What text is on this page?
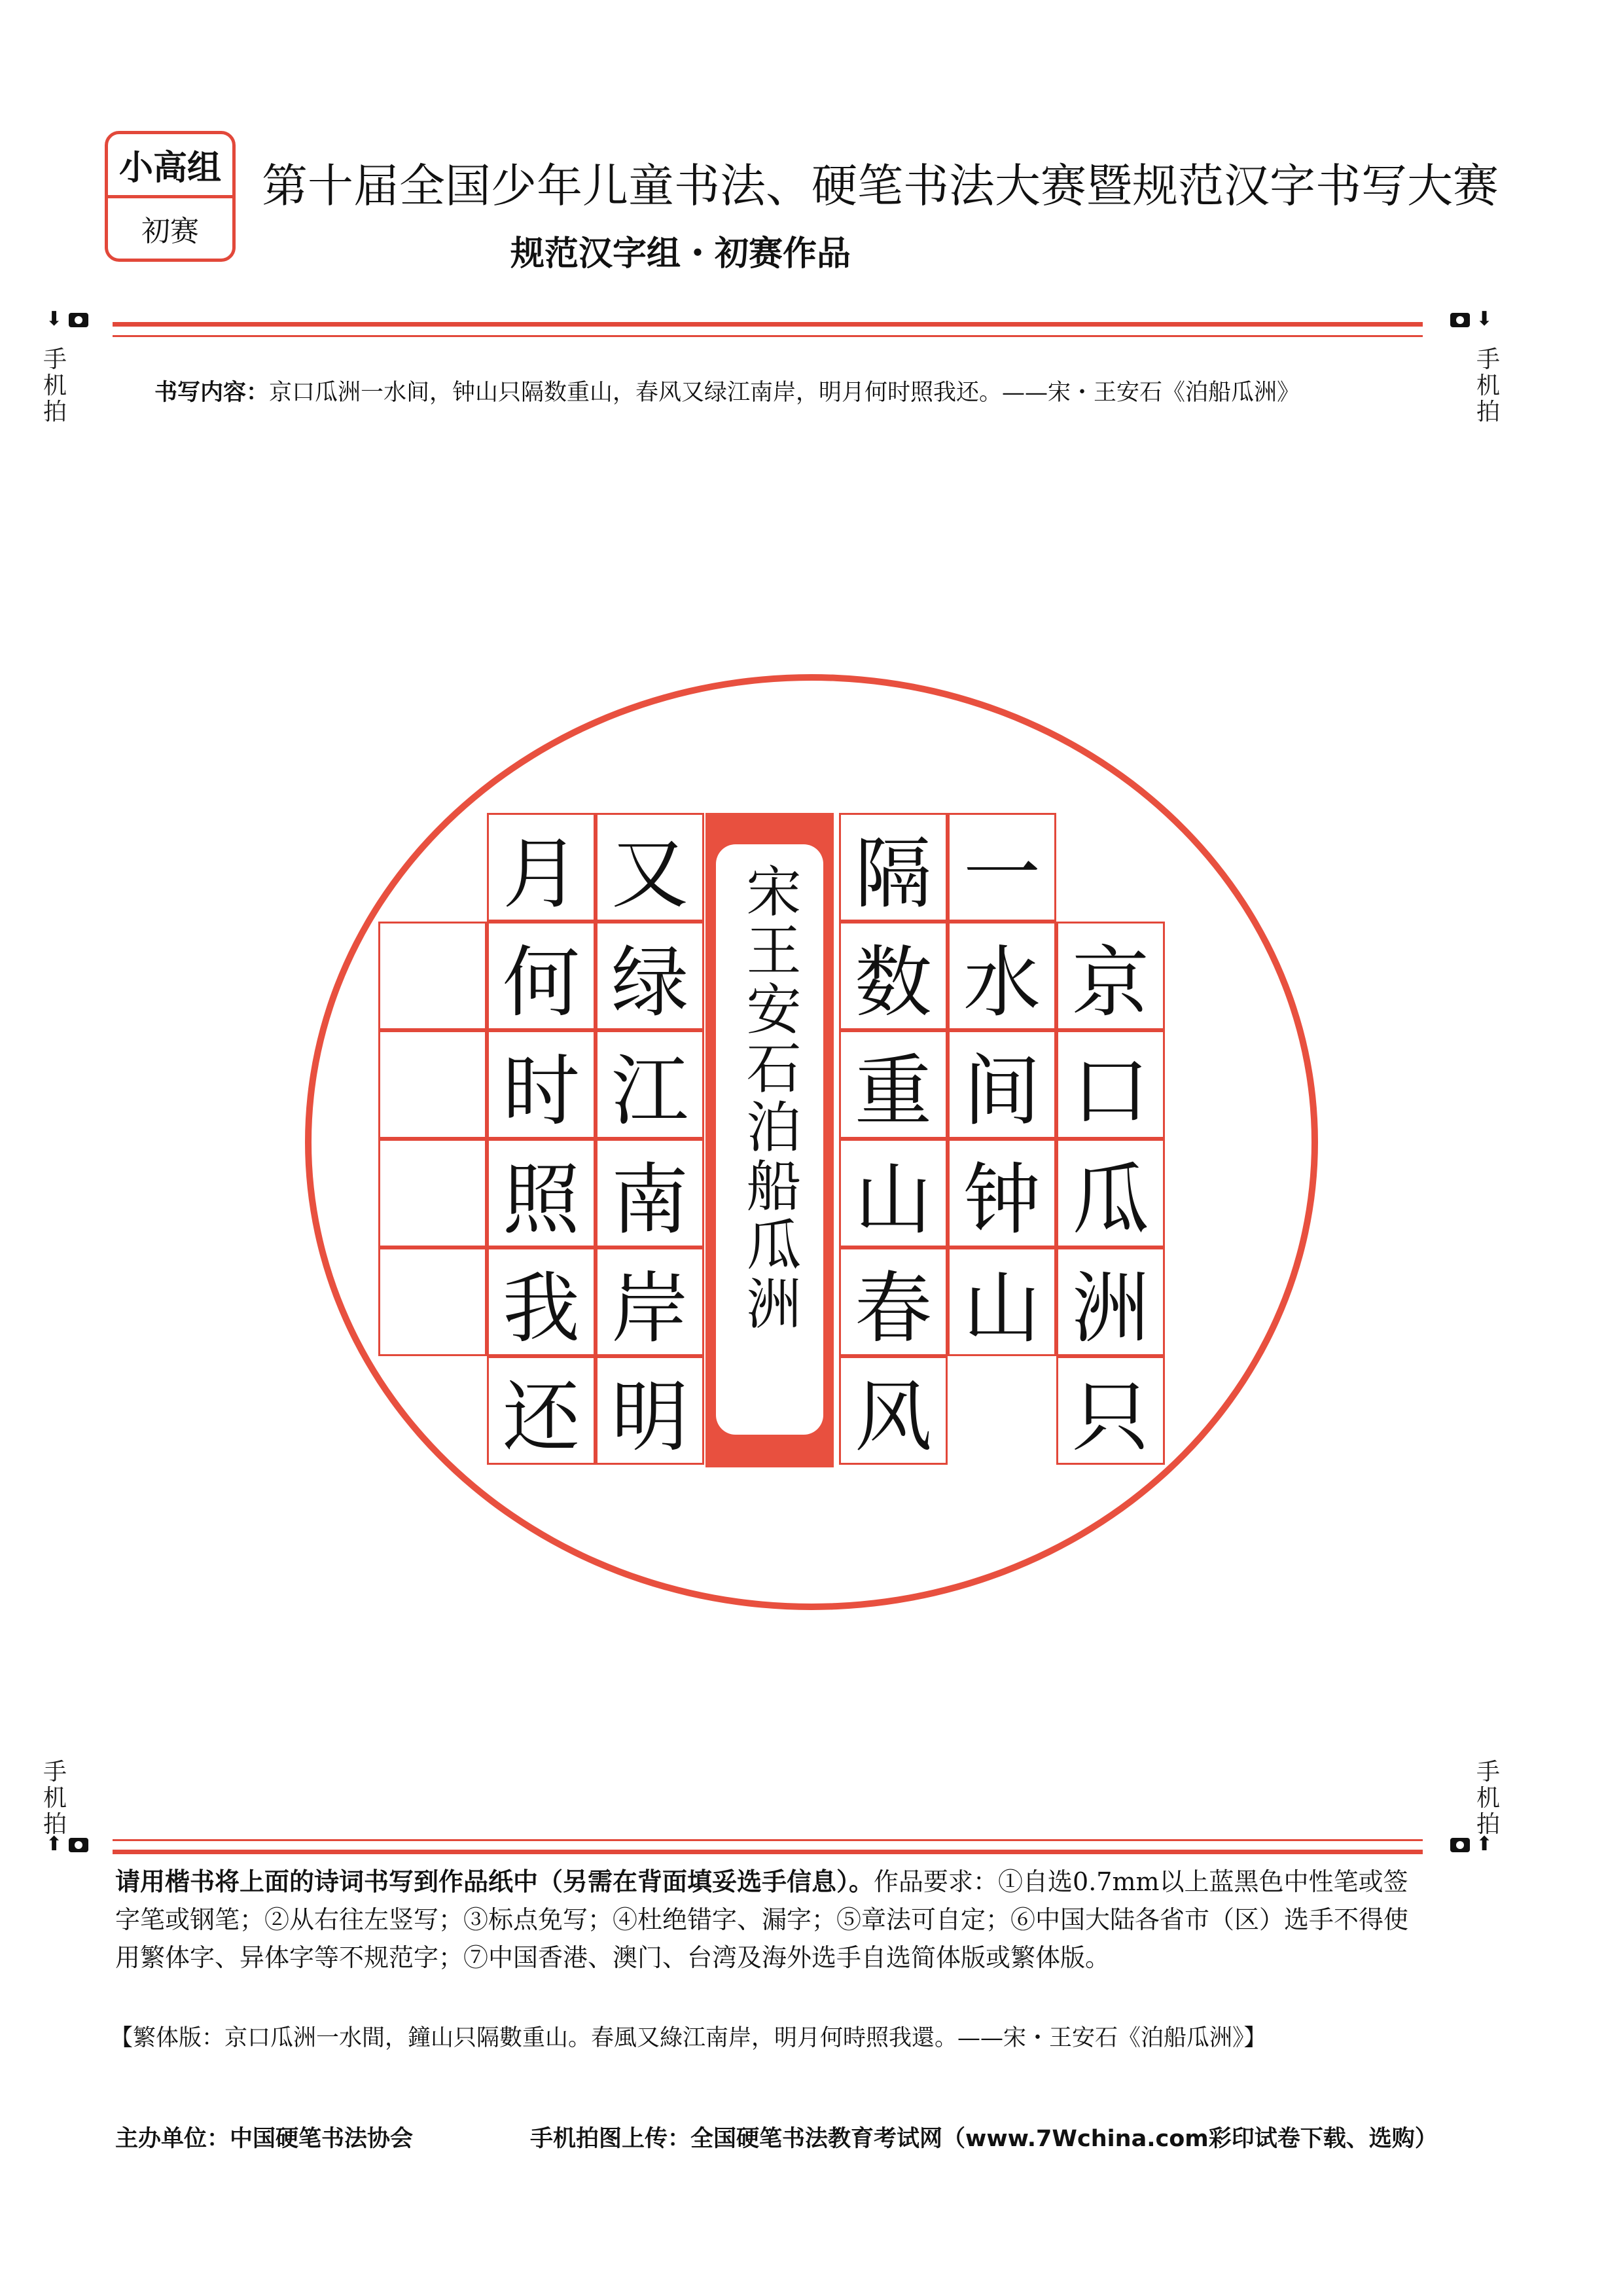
小高组
初赛
第十届全国少年儿童书法、硬笔书法大赛暨规范汉字书写大赛
规范汉字组・初赛作品
⬇
手
机
拍
⬇
手
机
拍
书写内容：京口瓜洲一水间，钟山只隔数重山，春风又绿江南岸，明月何时照我还。——宋・王安石《泊船瓜洲》
宋王安石泊船瓜洲	京
口
瓜
洲
只
一
水
间
钟
山
隔
数
重
山
春
风
又
绿
江
南
岸
明
月
何
时
照
我
还
手
机
拍
⬆
手
机
拍
⬆
请用楷书将上面的诗词书写到作品纸中（另需在背面填妥选手信息）。作品要求：①自选0.7mm以上蓝黑色中性笔或签字笔或钢笔；②从右往左竖写；③标点免写；④杜绝错字、漏字；⑤章法可自定；⑥中国大陆各省市（区）选手不得使用繁体字、异体字等不规范字；⑦中国香港、澳门、台湾及海外选手自选简体版或繁体版。
【繁体版：京口瓜洲一水間，鐘山只隔數重山。春風又綠江南岸，明月何時照我還。——宋・王安石《泊船瓜洲》】
主办单位：中国硬笔书法协会	手机拍图上传：全国硬笔书法教育考试网（www.7Wchina.com彩印试卷下载、选购）
